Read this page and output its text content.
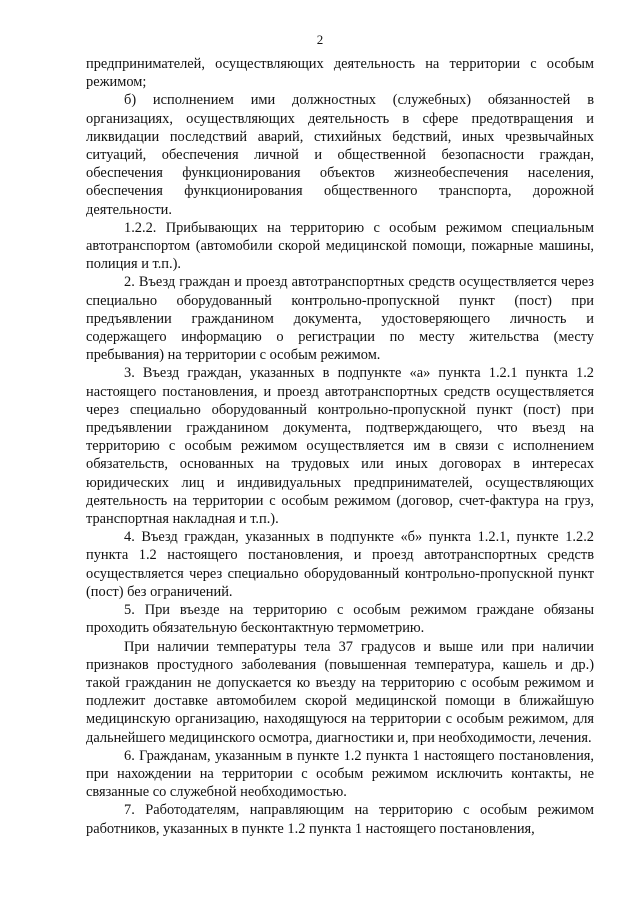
2

предпринимателей, осуществляющих деятельность на территории с особым режимом;

б) исполнением ими должностных (служебных) обязанностей в организациях, осуществляющих деятельность в сфере предотвращения и ликвидации последствий аварий, стихийных бедствий, иных чрезвычайных ситуаций, обеспечения личной и общественной безопасности граждан, обеспечения функционирования объектов жизнеобеспечения населения, обеспечения функционирования общественного транспорта, дорожной деятельности.

1.2.2. Прибывающих на территорию с особым режимом специальным автотранспортом (автомобили скорой медицинской помощи, пожарные машины, полиция и т.п.).

2. Въезд граждан и проезд автотранспортных средств осуществляется через специально оборудованный контрольно-пропускной пункт (пост) при предъявлении гражданином документа, удостоверяющего личность и содержащего информацию о регистрации по месту жительства (месту пребывания) на территории с особым режимом.

3. Въезд граждан, указанных в подпункте «а» пункта 1.2.1 пункта 1.2 настоящего постановления, и проезд автотранспортных средств осуществляется через специально оборудованный контрольно-пропускной пункт (пост) при предъявлении гражданином документа, подтверждающего, что въезд на территорию с особым режимом осуществляется им в связи с исполнением обязательств, основанных на трудовых или иных договорах в интересах юридических лиц и индивидуальных предпринимателей, осуществляющих деятельность на территории с особым режимом (договор, счет-фактура на груз, транспортная накладная и т.п.).

4. Въезд граждан, указанных в подпункте «б» пункта 1.2.1, пункте 1.2.2 пункта 1.2 настоящего постановления, и проезд автотранспортных средств осуществляется через специально оборудованный контрольно-пропускной пункт (пост) без ограничений.

5. При въезде на территорию с особым режимом граждане обязаны проходить обязательную бесконтактную термометрию.

При наличии температуры тела 37 градусов и выше или при наличии признаков простудного заболевания (повышенная температура, кашель и др.) такой гражданин не допускается ко въезду на территорию с особым режимом и подлежит доставке автомобилем скорой медицинской помощи в ближайшую медицинскую организацию, находящуюся на территории с особым режимом, для дальнейшего медицинского осмотра, диагностики и, при необходимости, лечения.

6. Гражданам, указанным в пункте 1.2 пункта 1 настоящего постановления, при нахождении на территории с особым режимом исключить контакты, не связанные со служебной необходимостью.

7. Работодателям, направляющим на территорию с особым режимом работников, указанных в пункте 1.2 пункта 1 настоящего постановления,
